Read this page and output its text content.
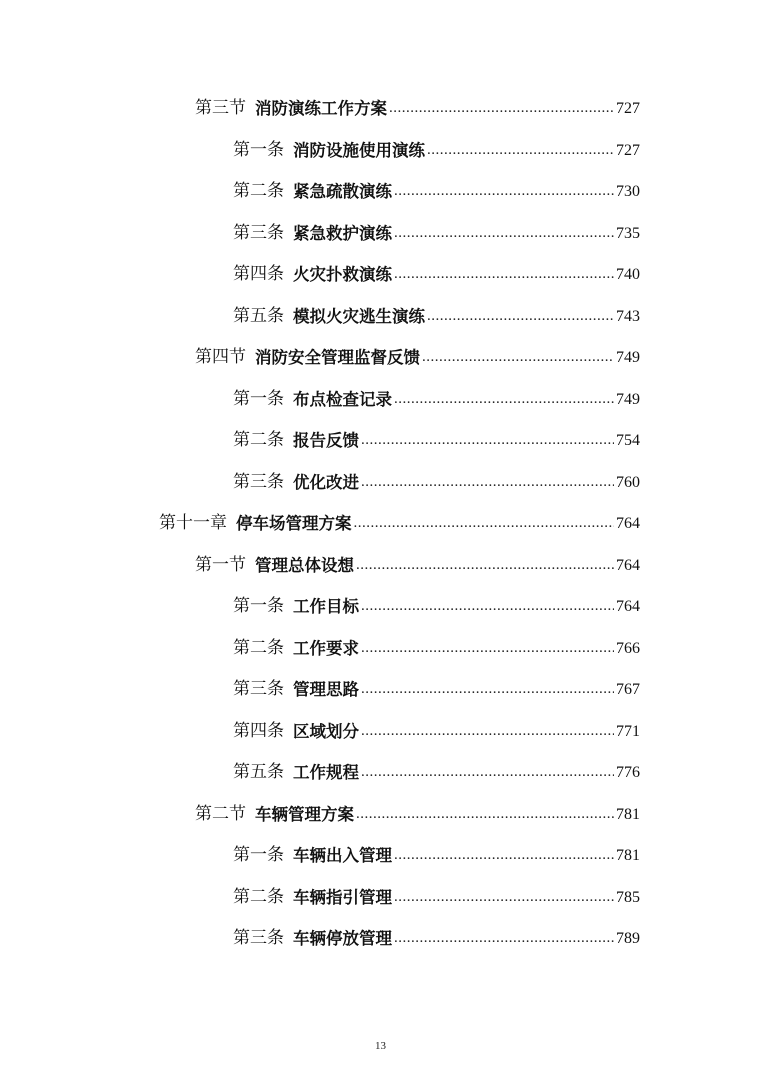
第三节 消防演练工作方案 .....	727
第一条 消防设施使用演练 .....	727
第二条 紧急疏散演练 .....	730
第三条 紧急救护演练 .....	735
第四条 火灾扑救演练 .....	740
第五条 模拟火灾逃生演练 .....	743
第四节 消防安全管理监督反馈 .....	749
第一条 布点检查记录 .....	749
第二条 报告反馈 .....	754
第三条 优化改进 .....	760
第十一章 停车场管理方案 .....	764
第一节 管理总体设想 .....	764
第一条 工作目标 .....	764
第二条 工作要求 .....	766
第三条 管理思路 .....	767
第四条 区域划分 .....	771
第五条 工作规程 .....	776
第二节 车辆管理方案 .....	781
第一条 车辆出入管理 .....	781
第二条 车辆指引管理 .....	785
第三条 车辆停放管理 .....	789
13
